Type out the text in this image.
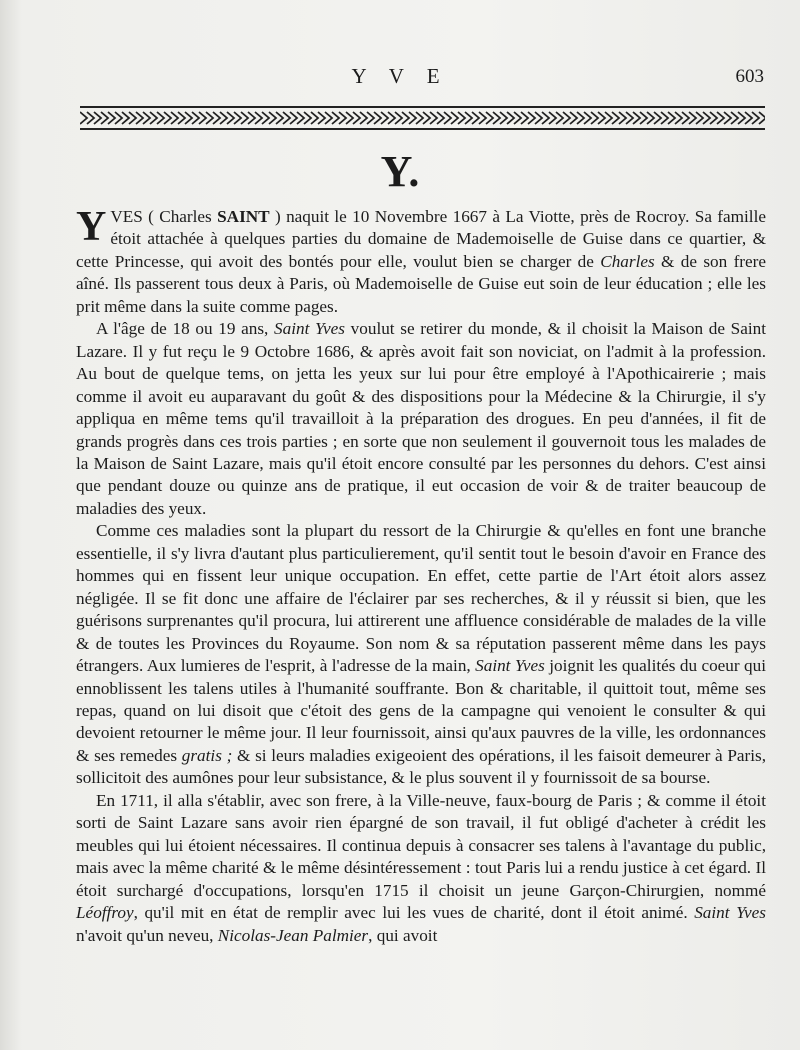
Y V E	603
Y.

YVES ( Charles SAINT ) naquit le 10 Novembre 1667 à La Viotte, près de Rocroy. Sa famille étoit attachée à quelques parties du domaine de Mademoiselle de Guise dans ce quartier, & cette Princesse, qui avoit des bontés pour elle, voulut bien se charger de Charles & de son frere aîné. Ils passerent tous deux à Paris, où Mademoiselle de Guise eut soin de leur éducation ; elle les prit même dans la suite comme pages.

A l'âge de 18 ou 19 ans, Saint Yves voulut se retirer du monde, & il choisit la Maison de Saint Lazare. Il y fut reçu le 9 Octobre 1686, & après avoit fait son noviciat, on l'admit à la profession. Au bout de quelque tems, on jetta les yeux sur lui pour être employé à l'Apothicairerie ; mais comme il avoit eu auparavant du goût & des dispositions pour la Médecine & la Chirurgie, il s'y appliqua en même tems qu'il travailloit à la préparation des drogues. En peu d'années, il fit de grands progrès dans ces trois parties ; en sorte que non seulement il gouvernoit tous les malades de la Maison de Saint Lazare, mais qu'il étoit encore consulté par les personnes du dehors. C'est ainsi que pendant douze ou quinze ans de pratique, il eut occasion de voir & de traiter beaucoup de maladies des yeux.

Comme ces maladies sont la plupart du ressort de la Chirurgie & qu'elles en font une branche essentielle, il s'y livra d'autant plus particulierement, qu'il sentit tout le besoin d'avoir en France des hommes qui en fissent leur unique occupation. En effet, cette partie de l'Art étoit alors assez négligée. Il se fit donc une affaire de l'éclairer par ses recherches, & il y réussit si bien, que les guérisons surprenantes qu'il procura, lui attirerent une affluence considérable de malades de la ville & de toutes les Provinces du Royaume. Son nom & sa réputation passerent même dans les pays étrangers. Aux lumieres de l'esprit, à l'adresse de la main, Saint Yves joignit les qualités du coeur qui ennoblissent les talens utiles à l'humanité souffrante. Bon & charitable, il quittoit tout, même ses repas, quand on lui disoit que c'étoit des gens de la campagne qui venoient le consulter & qui devoient retourner le même jour. Il leur fournissoit, ainsi qu'aux pauvres de la ville, les ordonnances & ses remedes gratis ; & si leurs maladies exigeoient des opérations, il les faisoit demeurer à Paris, sollicitoit des aumônes pour leur subsistance, & le plus souvent il y fournissoit de sa bourse.

En 1711, il alla s'établir, avec son frere, à la Ville-neuve, faux-bourg de Paris ; & comme il étoit sorti de Saint Lazare sans avoir rien épargné de son travail, il fut obligé d'acheter à crédit les meubles qui lui étoient nécessaires. Il continua depuis à consacrer ses talens à l'avantage du public, mais avec la même charité & le même désintéressement : tout Paris lui a rendu justice à cet égard. Il étoit surchargé d'occupations, lorsqu'en 1715 il choisit un jeune Garçon-Chirurgien, nommé Léoffroy, qu'il mit en état de remplir avec lui les vues de charité, dont il étoit animé. Saint Yves n'avoit qu'un neveu, Nicolas-Jean Palmier, qui avoit
